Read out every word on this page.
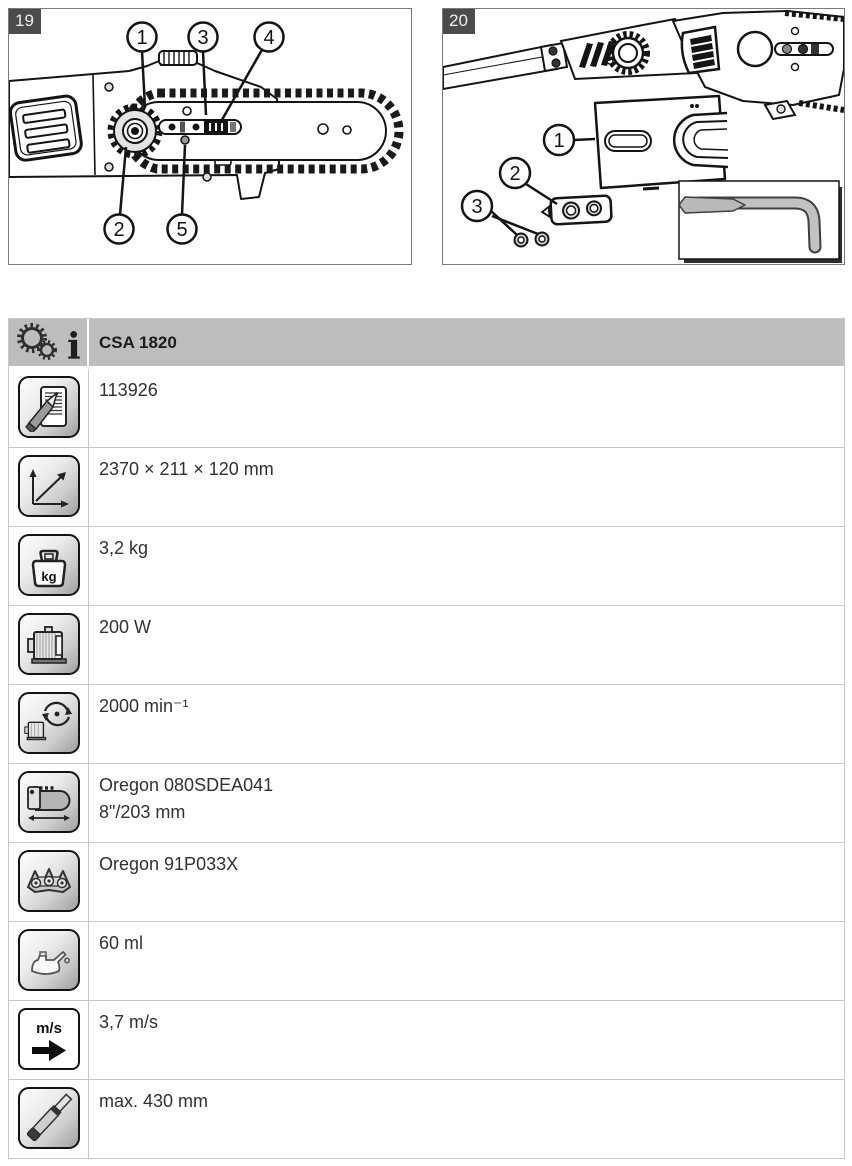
19
1 3	4
2	5
20
1
2
3
i	CSA 1820
113926
2370 × 211 × 120 mm
kg
3,2 kg
200 W
2000 min⁻¹
Oregon 080SDEA041
8"/203 mm
Oregon 91P033X
60 ml
m/s 3,7 m/s
max. 430 mm
